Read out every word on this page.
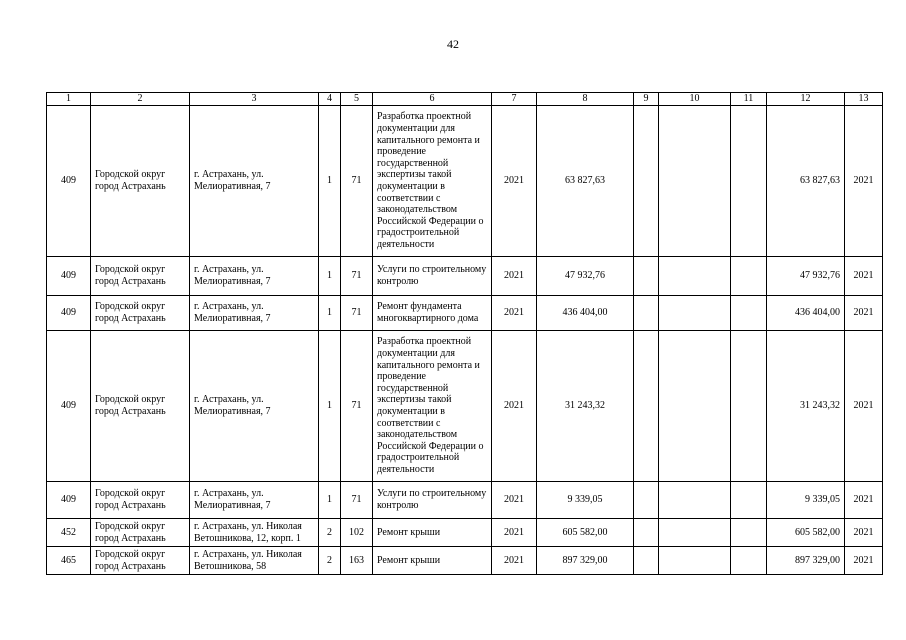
42
1	2	3	4	5	6	7	8	9	10	11	12	13
409	Городской округ город Астрахань	г. Астрахань, ул. Мелиоративная, 7	1	71	Разработка проектной документации для капитального ремонта и проведение государственной экспертизы такой документации в соответствии с законодательством Российской Федерации о градостроительной деятельности	2021	63 827,63				63 827,63	2021
409	Городской округ город Астрахань	г. Астрахань, ул. Мелиоративная, 7	1	71	Услуги по строительному контролю	2021	47 932,76				47 932,76	2021
409	Городской округ город Астрахань	г. Астрахань, ул. Мелиоративная, 7	1	71	Ремонт фундамента многоквартирного дома	2021	436 404,00				436 404,00	2021
409	Городской округ город Астрахань	г. Астрахань, ул. Мелиоративная, 7	1	71	Разработка проектной документации для капитального ремонта и проведение государственной экспертизы такой документации в соответствии с законодательством Российской Федерации о градостроительной деятельности	2021	31 243,32				31 243,32	2021
409	Городской округ город Астрахань	г. Астрахань, ул. Мелиоративная, 7	1	71	Услуги по строительному контролю	2021	9 339,05				9 339,05	2021
452	Городской округ город Астрахань	г. Астрахань, ул. Николая Ветошникова, 12, корп. 1	2	102	Ремонт крыши	2021	605 582,00				605 582,00	2021
465	Городской округ город Астрахань	г. Астрахань, ул. Николая Ветошникова, 58	2	163	Ремонт крыши	2021	897 329,00				897 329,00	2021
